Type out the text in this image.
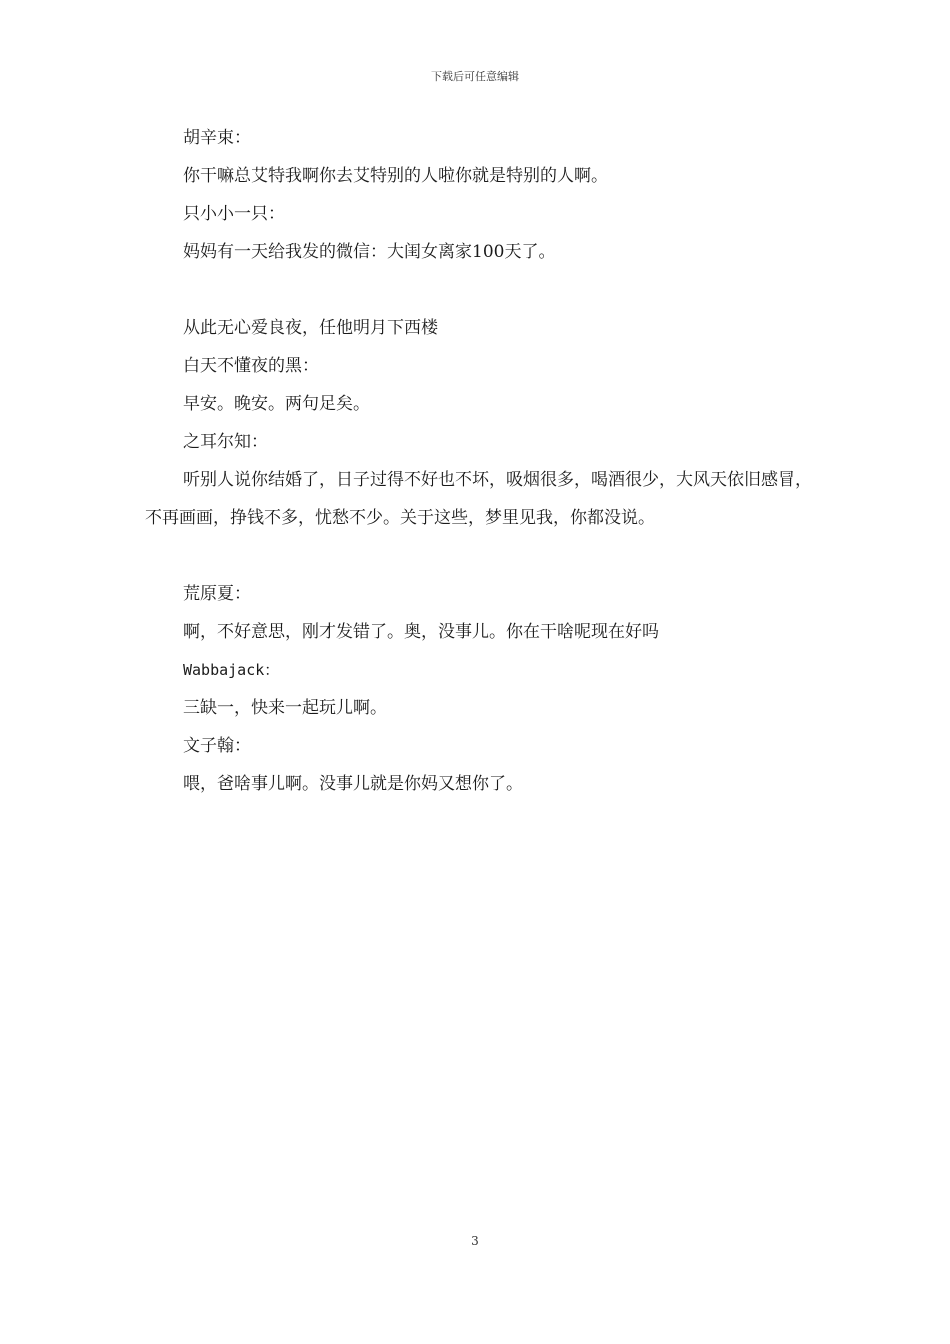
下载后可任意编辑
胡辛束：
你干嘛总艾特我啊你去艾特别的人啦你就是特别的人啊。
只小小一只：
妈妈有一天给我发的微信：大闺女离家100天了。
从此无心爱良夜，任他明月下西楼
白天不懂夜的黑：
早安。晚安。两句足矣。
之耳尔知：

听别人说你结婚了，日子过得不好也不坏，吸烟很多，喝酒很少，大风天依旧感冒，不再画画，挣钱不多，忧愁不少。关于这些，梦里见我，你都没说。

荒原夏：
啊，不好意思，刚才发错了。奥，没事儿。你在干啥呢现在好吗
Wabbajack：
三缺一，快来一起玩儿啊。
文子翰：
喂，爸啥事儿啊。没事儿就是你妈又想你了。
3
